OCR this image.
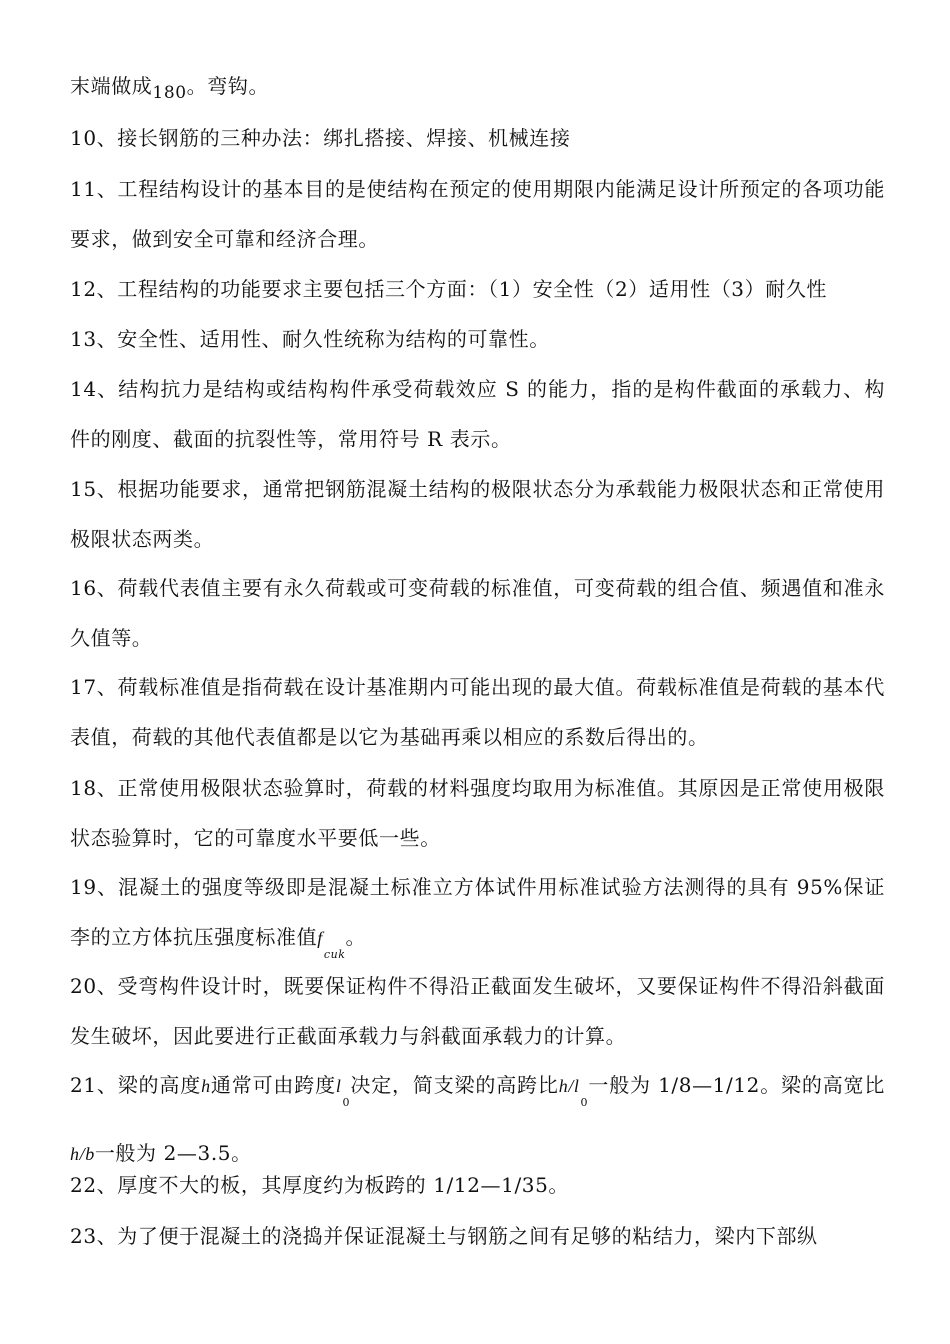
末端做成$_{180}$。弯钩。
10、接长钢筋的三种办法：绑扎搭接、焊接、机械连接
11、工程结构设计的基本目的是使结构在预定的使用期限内能满足设计所预定的各项功能要求，做到安全可靠和经济合理。
12、工程结构的功能要求主要包括三个方面：（1）安全性（2）适用性（3）耐久性
13、安全性、适用性、耐久性统称为结构的可靠性。
14、结构抗力是结构或结构构件承受荷载效应 S 的能力，指的是构件截面的承载力、构件的刚度、截面的抗裂性等，常用符号 R 表示。
15、根据功能要求，通常把钢筋混凝土结构的极限状态分为承载能力极限状态和正常使用极限状态两类。
16、荷载代表值主要有永久荷载或可变荷载的标准值，可变荷载的组合值、频遇值和准永久值等。
17、荷载标准值是指荷载在设计基准期内可能出现的最大值。荷载标准值是荷载的基本代表值，荷载的其他代表值都是以它为基础再乘以相应的系数后得出的。
18、正常使用极限状态验算时，荷载的材料强度均取用为标准值。其原因是正常使用极限状态验算时，它的可靠度水平要低一些。
19、混凝土的强度等级即是混凝土标准立方体试件用标准试验方法测得的具有 95%保证李的立方体抗压强度标准值$f_{cuk}$。
20、受弯构件设计时，既要保证构件不得沿正截面发生破坏，又要保证构件不得沿斜截面发生破坏，因此要进行正截面承载力与斜截面承载力的计算。
21、梁的高度h通常可由跨度$l_0$决定，简支梁的高跨比$h/l_0$一般为 1/8—1/12。梁的高宽比h/b一般为 2—3.5。
22、厚度不大的板，其厚度约为板跨的 1/12—1/35。
23、为了便于混凝土的浇捣并保证混凝土与钢筋之间有足够的粘结力，梁内下部纵
